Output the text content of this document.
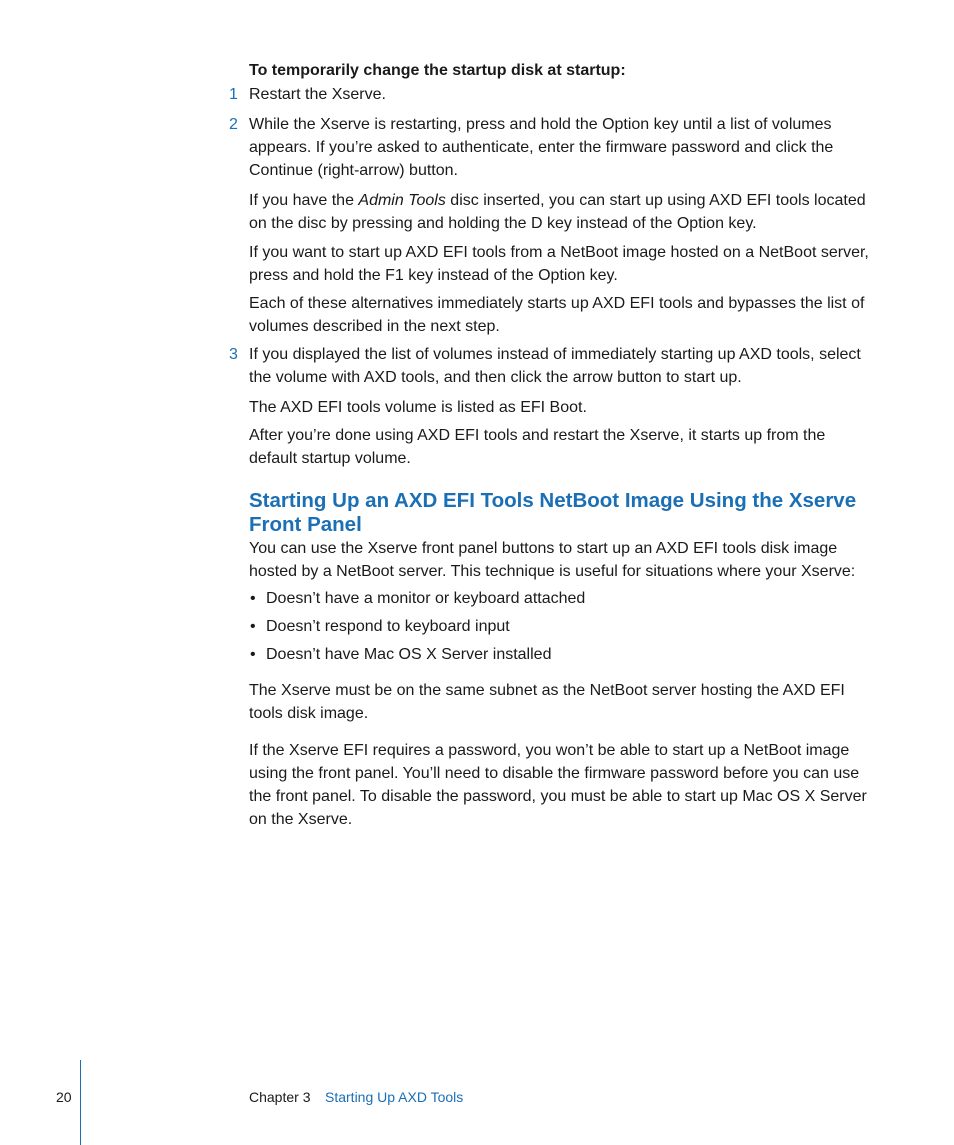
To temporarily change the startup disk at startup:
1 Restart the Xserve.
2 While the Xserve is restarting, press and hold the Option key until a list of volumes appears. If you’re asked to authenticate, enter the firmware password and click the Continue (right-arrow) button.
If you have the Admin Tools disc inserted, you can start up using AXD EFI tools located on the disc by pressing and holding the D key instead of the Option key.
If you want to start up AXD EFI tools from a NetBoot image hosted on a NetBoot server, press and hold the F1 key instead of the Option key.
Each of these alternatives immediately starts up AXD EFI tools and bypasses the list of volumes described in the next step.
3 If you displayed the list of volumes instead of immediately starting up AXD tools, select the volume with AXD tools, and then click the arrow button to start up.
The AXD EFI tools volume is listed as EFI Boot.
After you’re done using AXD EFI tools and restart the Xserve, it starts up from the default startup volume.
Starting Up an AXD EFI Tools NetBoot Image Using the Xserve Front Panel
You can use the Xserve front panel buttons to start up an AXD EFI tools disk image hosted by a NetBoot server. This technique is useful for situations where your Xserve:
• Doesn’t have a monitor or keyboard attached
• Doesn’t respond to keyboard input
• Doesn’t have Mac OS X Server installed
The Xserve must be on the same subnet as the NetBoot server hosting the AXD EFI tools disk image.
If the Xserve EFI requires a password, you won’t be able to start up a NetBoot image using the front panel. You’ll need to disable the firmware password before you can use the front panel. To disable the password, you must be able to start up Mac OS X Server on the Xserve.
20	Chapter 3 Starting Up AXD Tools
